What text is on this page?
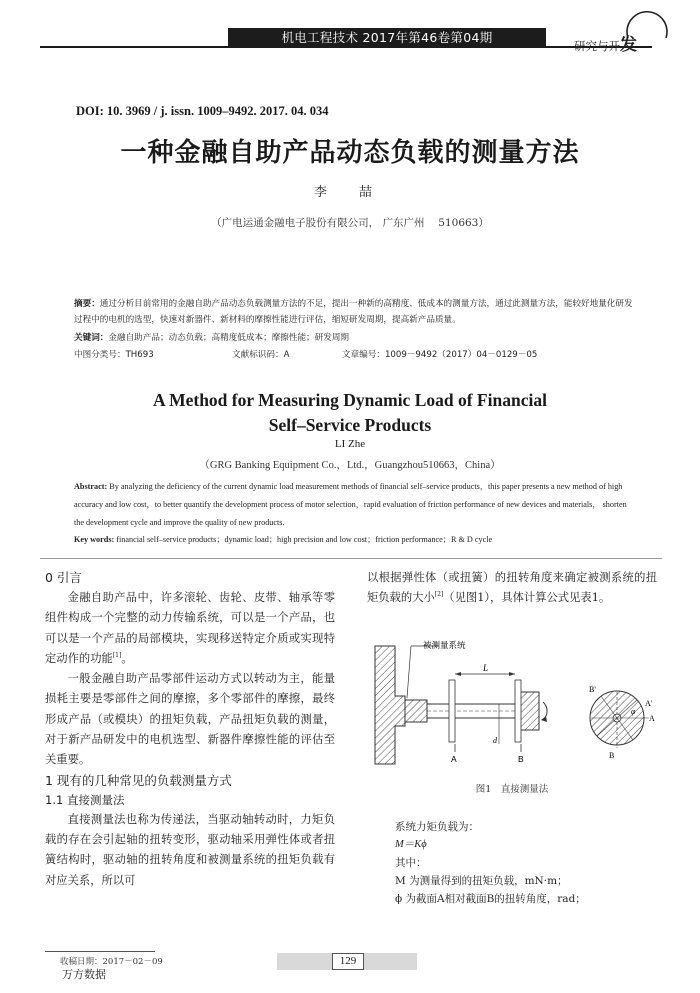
机电工程技术 2017年第46卷第04期
研究与开发
DOI: 10. 3969 / j. issn. 1009–9492. 2017. 04. 034
一种金融自助产品动态负载的测量方法
李 喆
（广电运通金融电子股份有限公司， 广东广州　 510663）
摘要：通过分析目前常用的金融自助产品动态负载测量方法的不足，提出一种新的高精度、低成本的测量方法，通过此测量方法，能较好地量化研发过程中的电机的选型，快速对新器件、新材料的摩擦性能进行评估，缩短研发周期，提高新产品质量。
关键词：金融自助产品；动态负载；高精度低成本；摩擦性能；研发周期
中图分类号：TH693	文献标识码：A	文章编号：1009－9492（2017）04－0129－05
A Method for Measuring Dynamic Load of Financial
Self–Service Products
LI Zhe
（GRG Banking Equipment Co.，Ltd.，Guangzhou510663，China）
Abstract: By analyzing the deficiency of the current dynamic load measurement methods of financial self–service products，this paper presents a new method of high accuracy and low cost，to better quantify the development process of motor selection，rapid evaluation of friction performance of new devices and materials， shorten the development cycle and improve the quality of new products.
Key words: financial self–service products；dynamic load；high precision and low cost；friction performance；R & D cycle
0 引言

金融自助产品中，许多滚轮、齿轮、皮带、轴承等零组件构成一个完整的动力传输系统，可以是一个产品，也可以是一个产品的局部模块，实现移送特定介质或实现特定动作的功能[1]。

一般金融自助产品零部件运动方式以转动为主，能量损耗主要是零部件之间的摩擦，多个零部件的摩擦，最终形成产品（或模块）的扭矩负载，产品扭矩负载的测量，对于新产品研发中的电机选型、新器件摩擦性能的评估至关重要。

1 现有的几种常见的负载测量方式
1.1 直接测量法

直接测量法也称为传递法，当驱动轴转动时，力矩负载的存在会引起轴的扭转变形，驱动轴采用弹性体或者扭簧结构时，驱动轴的扭转角度和被测量系统的扭矩负载有对应关系，所以可

以根据弹性体（或扭簧）的扭转角度来确定被测系统的扭矩负载的大小[2]（见图1），具体计算公式见表1。

L
d
A	B
被测量系统
B'
A'
A
B
φ
图1　直接测量法
系统力矩负载为：
M＝Kϕ
其中：
M 为测量得到的扭矩负载，mN·m；
ϕ 为截面A相对截面B的扭转角度，rad；
收稿日期：2017－02－09
万方数据
129
